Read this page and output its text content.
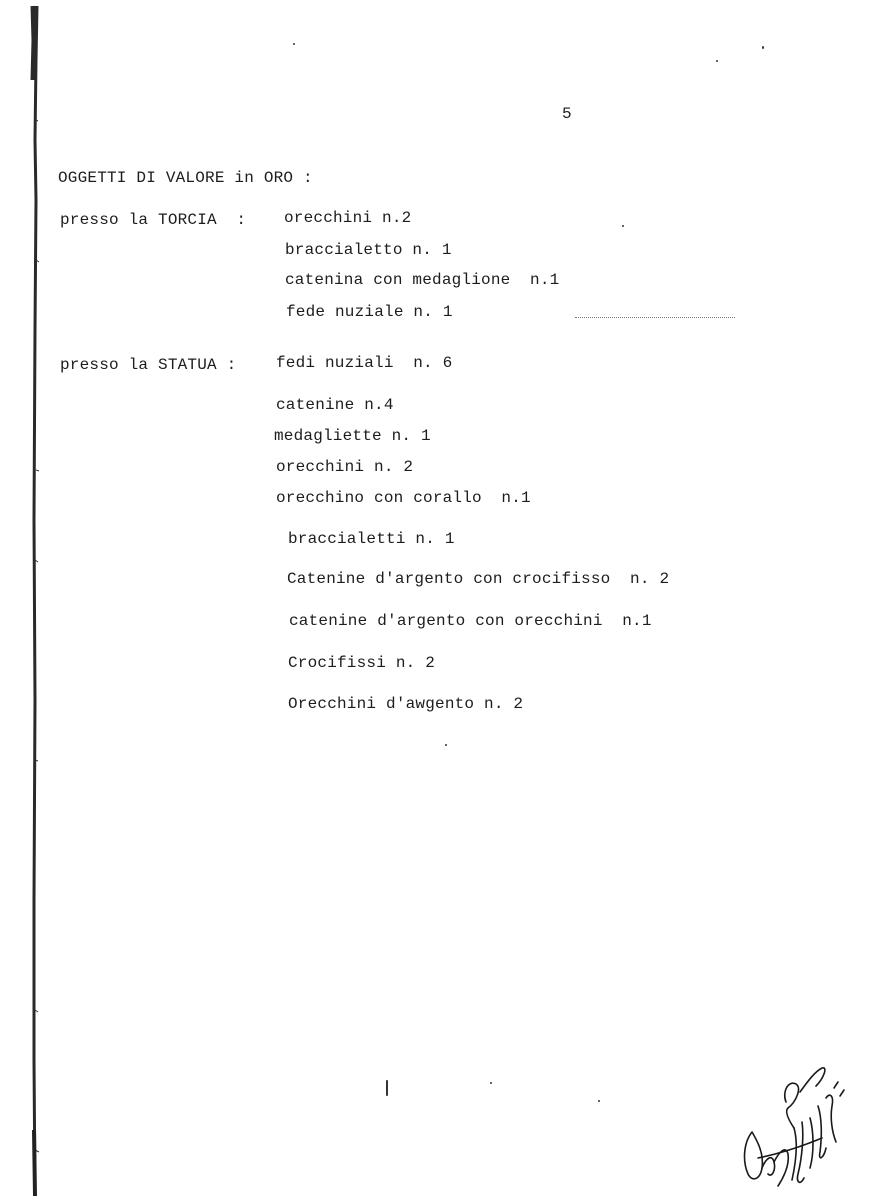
5
OGGETTI DI VALORE in ORO :
presso la TORCIA  : orecchini n.2
braccialetto n. 1
catenina con medaglione  n.1
fede nuziale n. 1
presso la STATUA : fedi nuziali  n. 6
catenine n.4
medagliette n. 1
orecchini n. 2
orecchino con corallo  n.1
braccialetti n. 1
Catenine d'argento con crocifisso  n. 2
catenine d'argento con orecchini  n.1
Crocifissi n. 2
Orecchini d'awgento n. 2
